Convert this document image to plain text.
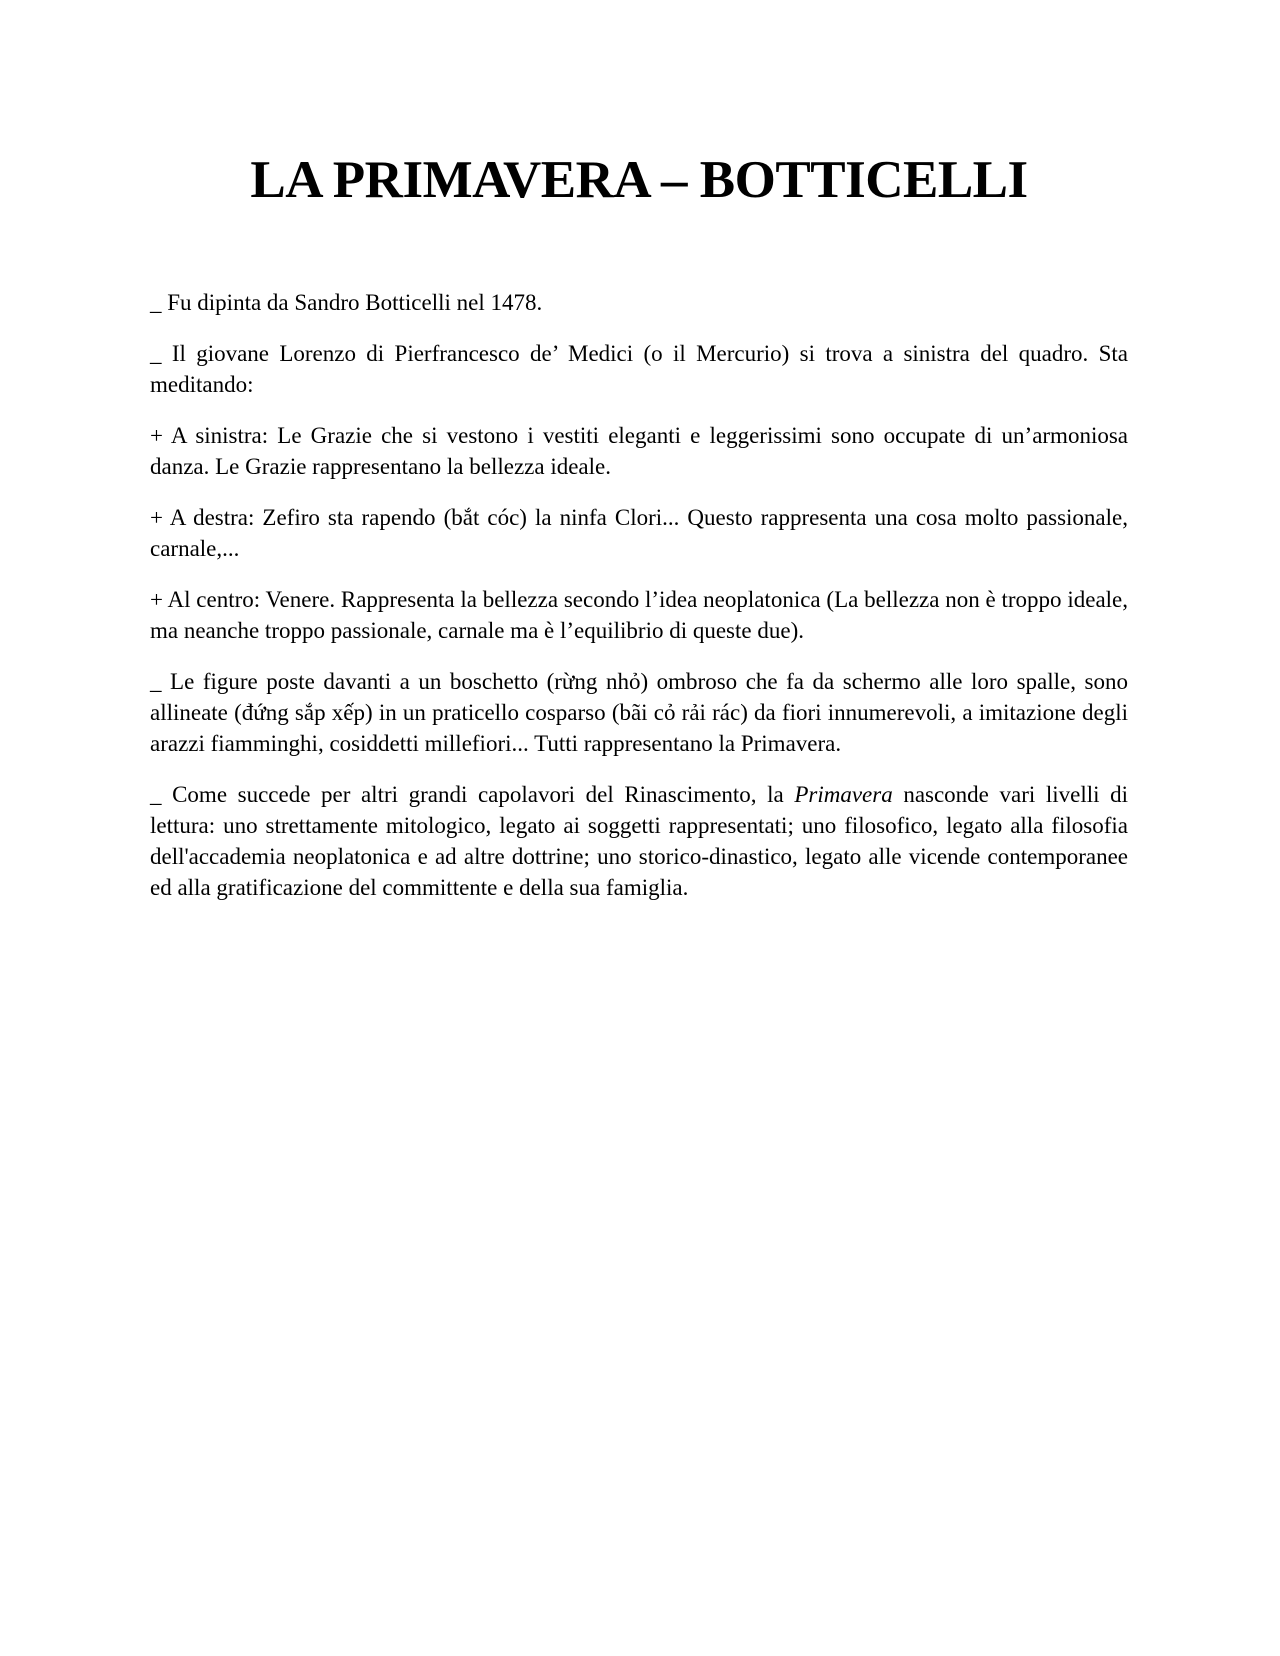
LA PRIMAVERA – BOTTICELLI

_ Fu dipinta da Sandro Botticelli nel 1478.

_ Il giovane Lorenzo di Pierfrancesco de’ Medici (o il Mercurio) si trova a sinistra del quadro. Sta meditando:

+ A sinistra: Le Grazie che si vestono i vestiti eleganti e leggerissimi sono occupate di un’armoniosa danza. Le Grazie rappresentano la bellezza ideale.

+ A destra: Zefiro sta rapendo (bắt cóc) la ninfa Clori... Questo rappresenta una cosa molto passionale, carnale,...

+ Al centro: Venere. Rappresenta la bellezza secondo l’idea neoplatonica (La bellezza non è troppo ideale, ma neanche troppo passionale, carnale ma è l’equilibrio di queste due).

_ Le figure poste davanti a un boschetto (rừng nhỏ) ombroso che fa da schermo alle loro spalle, sono allineate (đứng sắp xếp) in un praticello cosparso (bãi cỏ rải rác) da fiori innumerevoli, a imitazione degli arazzi fiamminghi, cosiddetti millefiori... Tutti rappresentano la Primavera.

_ Come succede per altri grandi capolavori del Rinascimento, la Primavera nasconde vari livelli di lettura: uno strettamente mitologico, legato ai soggetti rappresentati; uno filosofico, legato alla filosofia dell'accademia neoplatonica e ad altre dottrine; uno storico-dinastico, legato alle vicende contemporanee ed alla gratificazione del committente e della sua famiglia.
